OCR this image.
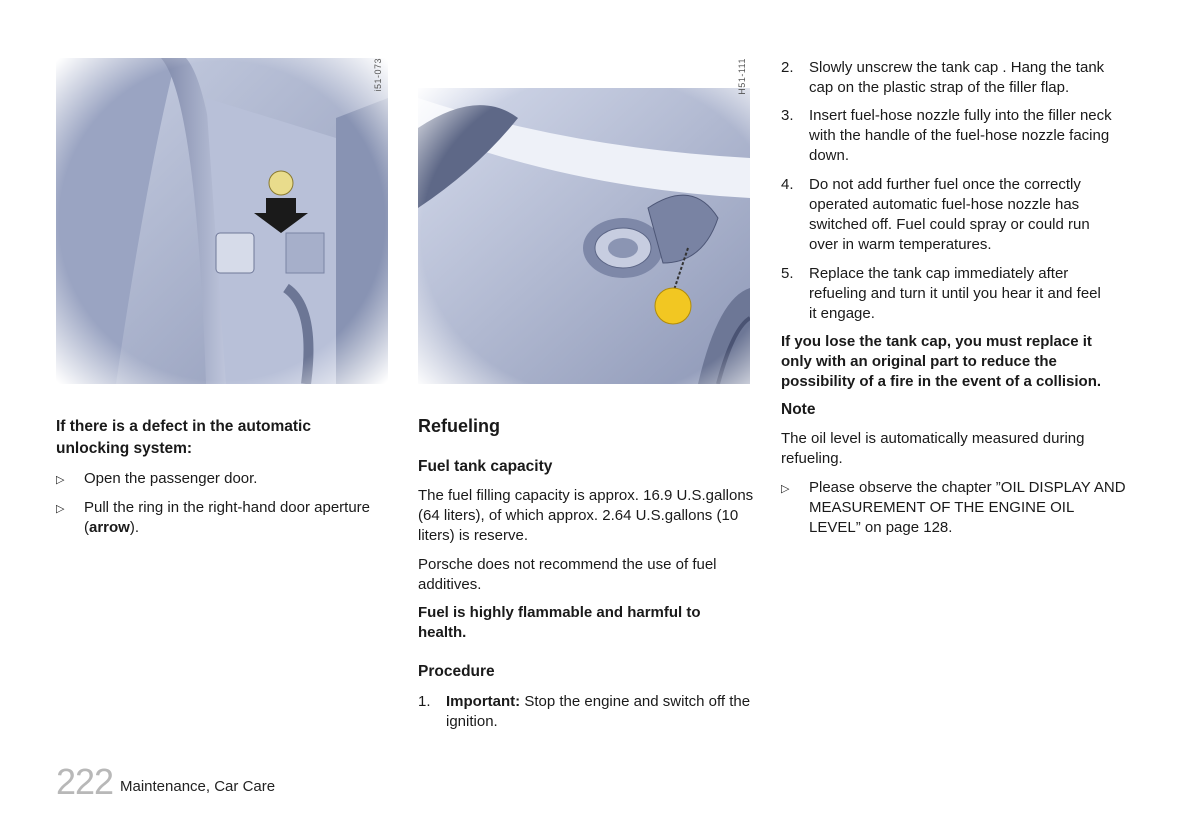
i51-073	H51-111
If there is a defect in the automatic unlocking system:
▷	Open the passenger door.
▷	Pull the ring in the right-hand door aperture (arrow).
Refueling
Fuel tank capacity
The fuel filling capacity is approx. 16.9 U.S.gallons (64 liters), of which approx. 2.64 U.S.gallons (10 liters) is reserve.
Porsche does not recommend the use of fuel additives.
Fuel is highly flammable and harmful to health.
Procedure
1.	Important: Stop the engine and switch off the ignition.
2.	Slowly unscrew the tank cap . Hang the tank cap on the plastic strap of the filler flap.
3.	Insert fuel-hose nozzle fully into the filler neck with the handle of the fuel-hose nozzle facing down.
4.	Do not add further fuel once the correctly operated automatic fuel-hose nozzle has switched off. Fuel could spray or could run over in warm temperatures.
5.	Replace the tank cap immediately after refueling and turn it until you hear it and feel it engage.
If you lose the tank cap, you must replace it only with an original part to reduce the possibility of a fire in the event of a collision.
Note
The oil level is automatically measured during refueling.
▷	Please observe the chapter ”OIL DISPLAY AND MEASUREMENT OF THE ENGINE OIL LEVEL” on page 128.
222 Maintenance, Car Care
